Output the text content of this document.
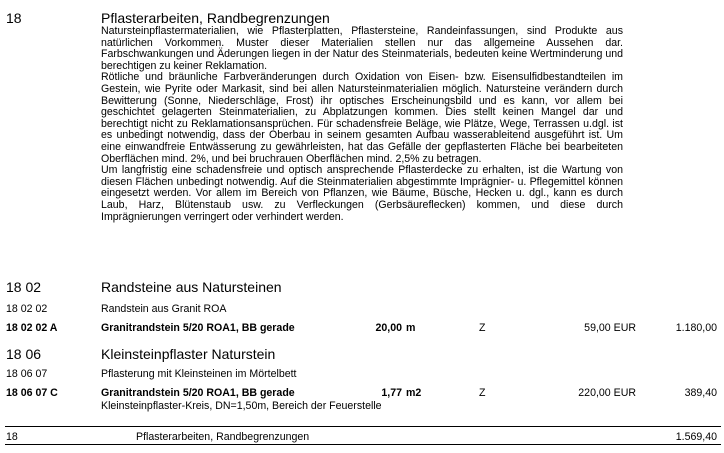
18	Pflasterarbeiten, Randbegrenzungen

Natursteinpflastermaterialien, wie Pflasterplatten, Pflastersteine, Randeinfassungen, sind Produkte aus natürlichen Vorkommen. Muster dieser Materialien stellen nur das allgemeine Aussehen dar. Farbschwankungen und Äderungen liegen in der Natur des Steinmaterials, bedeuten keine Wertminderung und berechtigen zu keiner Reklamation.

Rötliche und bräunliche Farbveränderungen durch Oxidation von Eisen- bzw. Eisensulfidbestandteilen im Gestein, wie Pyrite oder Markasit, sind bei allen Natursteinmaterialien möglich. Natursteine verändern durch Bewitterung (Sonne, Niederschläge, Frost) ihr optisches Erscheinungsbild und es kann, vor allem bei geschichtet gelagerten Steinmaterialien, zu Abplatzungen kommen. Dies stellt keinen Mangel dar und berechtigt nicht zu Reklamationsansprüchen. Für schadensfreie Beläge, wie Plätze, Wege, Terrassen u.dgl. ist es unbedingt notwendig, dass der Oberbau in seinem gesamten Aufbau wasserableitend ausgeführt ist. Um eine einwandfreie Entwässerung zu gewährleisten, hat das Gefälle der gepflasterten Fläche bei bearbeiteten Oberflächen mind. 2%, und bei bruchrauen Oberflächen mind. 2,5% zu betragen.

Um langfristig eine schadensfreie und optisch ansprechende Pflasterdecke zu erhalten, ist die Wartung von diesen Flächen unbedingt notwendig. Auf die Steinmaterialien abgestimmte Imprägnier- u. Pflegemittel können eingesetzt werden. Vor allem im Bereich von Pflanzen, wie Bäume, Büsche, Hecken u. dgl., kann es durch Laub, Harz, Blütenstaub usw. zu Verfleckungen (Gerbsäureflecken) kommen, und diese durch Imprägnierungen verringert oder verhindert werden.

18 02	Randsteine aus Natursteinen
18 02 02	Randstein aus Granit ROA
18 02 02 A	Granitrandstein 5/20 ROA1, BB gerade	20,00 m	Z	59,00 EUR	1.180,00
18 06	Kleinsteinpflaster Naturstein
18 06 07	Pflasterung mit Kleinsteinen im Mörtelbett
18 06 07 C	Granitrandstein 5/20 ROA1, BB gerade	1,77 m2	Z	220,00 EUR	389,40
Kleinsteinpflaster-Kreis, DN=1,50m, Bereich der Feuerstelle
18	Pflasterarbeiten, Randbegrenzungen	1.569,40
